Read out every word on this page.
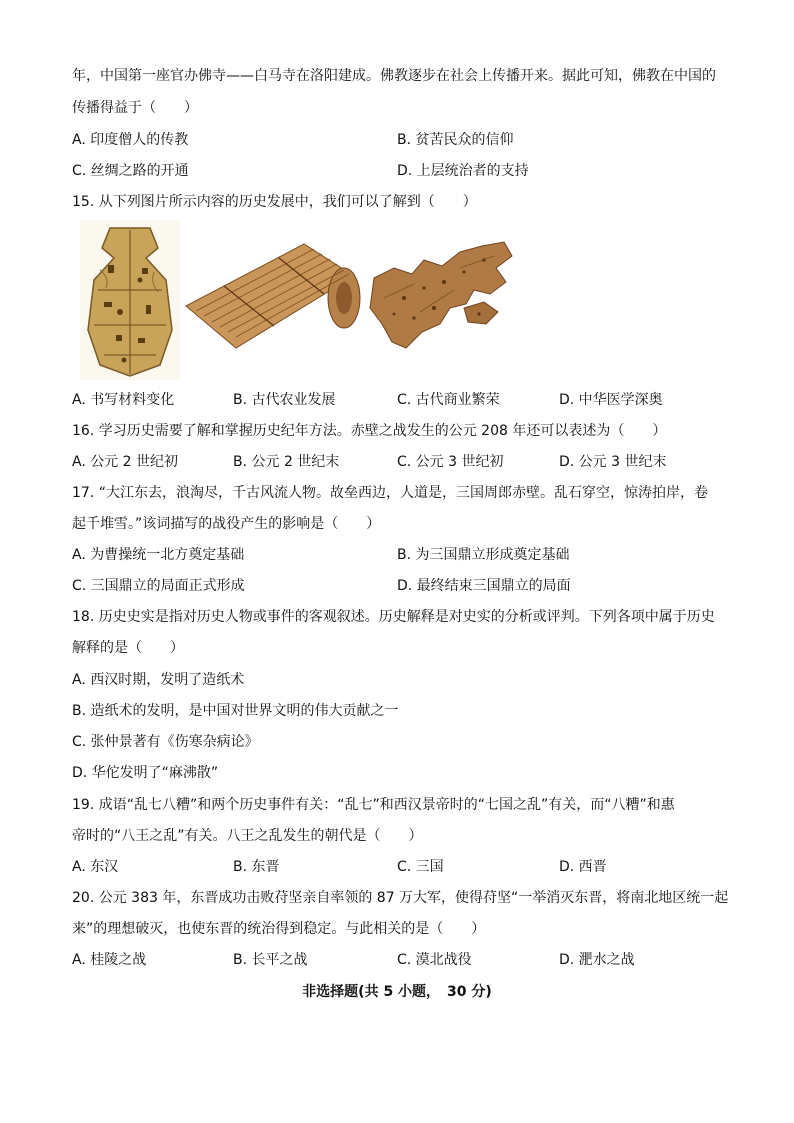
年，中国第一座官办佛寺——白马寺在洛阳建成。佛教逐步在社会上传播开来。据此可知，佛教在中国的
传播得益于（　　）
A. 印度僧人的传教	B. 贫苦民众的信仰
C. 丝绸之路的开通	D. 上层统治者的支持
15. 从下列图片所示内容的历史发展中，我们可以了解到（　　）
A. 书写材料变化	B. 古代农业发展	C. 古代商业繁荣	D. 中华医学深奥
16. 学习历史需要了解和掌握历史纪年方法。赤壁之战发生的公元 208 年还可以表述为（　　）
A. 公元 2 世纪初	B. 公元 2 世纪末	C. 公元 3 世纪初	D. 公元 3 世纪末
17. “大江东去，浪淘尽，千古风流人物。故垒西边，人道是，三国周郎赤壁。乱石穿空，惊涛拍岸，卷
起千堆雪。”该词描写的战役产生的影响是（　　）
A. 为曹操统一北方奠定基础	B. 为三国鼎立形成奠定基础
C. 三国鼎立的局面正式形成	D. 最终结束三国鼎立的局面
18. 历史史实是指对历史人物或事件的客观叙述。历史解释是对史实的分析或评判。下列各项中属于历史
解释的是（　　）
A. 西汉时期，发明了造纸术
B. 造纸术的发明，是中国对世界文明的伟大贡献之一
C. 张仲景著有《伤寒杂病论》
D. 华佗发明了“麻沸散”
19. 成语“乱七八糟”和两个历史事件有关：“乱七”和西汉景帝时的“七国之乱”有关，而“八糟”和惠
帝时的“八王之乱”有关。八王之乱发生的朝代是（　　）
A. 东汉	B. 东晋	C. 三国	D. 西晋
20. 公元 383 年，东晋成功击败苻坚亲自率领的 87 万大军，使得苻坚“一举消灭东晋，将南北地区统一起
来”的理想破灭，也使东晋的统治得到稳定。与此相关的是（　　）
A. 桂陵之战	B. 长平之战	C. 漠北战役	D. 淝水之战
非选择题(共 5 小题，　30 分)
